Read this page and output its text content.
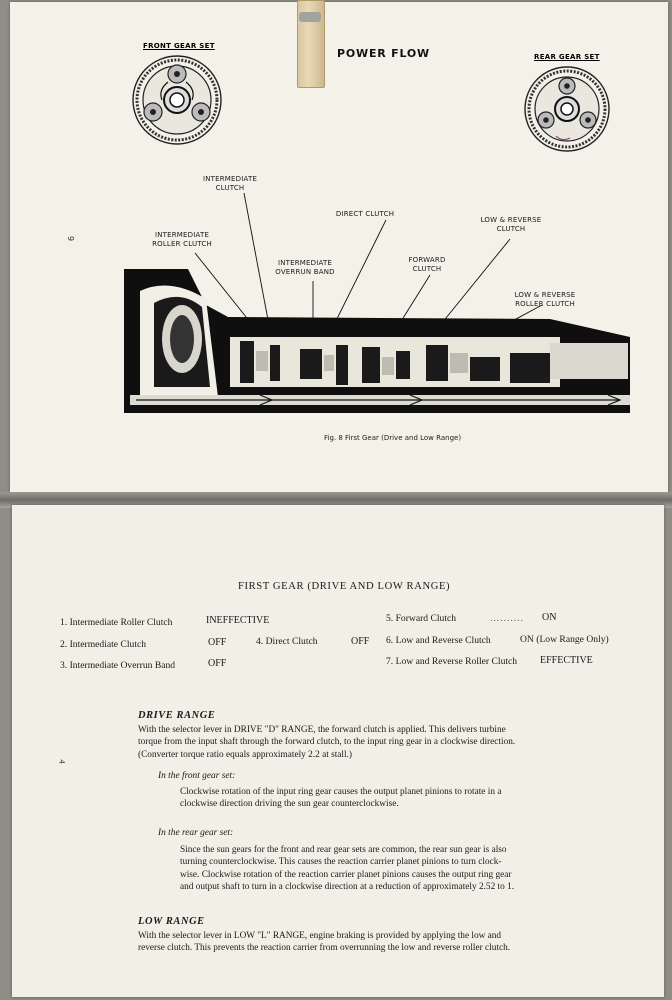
FRONT GEAR SET
POWER FLOW	REAR GEAR SET
9
INTERMEDIATE CLUTCH
DIRECT CLUTCH
LOW & REVERSE CLUTCH
INTERMEDIATE ROLLER CLUTCH
INTERMEDIATE OVERRUN BAND
FORWARD CLUTCH
LOW & REVERSE ROLLER CLUTCH
Fig. 8 First Gear (Drive and Low Range)
4
FIRST GEAR (DRIVE AND LOW RANGE)
1. Intermediate Roller Clutch	INEFFECTIVE
2. Intermediate Clutch	OFF
3. Intermediate Overrun Band	OFF
4. Direct Clutch	OFF
5. Forward Clutch	.......... ON
6. Low and Reverse Clutch	ON (Low Range Only)
7. Low and Reverse Roller Clutch EFFECTIVE
DRIVE RANGE
With the selector lever in DRIVE "D" RANGE, the forward clutch is applied. This delivers turbine
torque from the input shaft through the forward clutch, to the input ring gear in a clockwise direction.
(Converter torque ratio equals approximately 2.2 at stall.)
In the front gear set:
Clockwise rotation of the input ring gear causes the output planet pinions to rotate in a
clockwise direction driving the sun gear counterclockwise.
In the rear gear set:
Since the sun gears for the front and rear gear sets are common, the rear sun gear is also
turning counterclockwise. This causes the reaction carrier planet pinions to turn clock-
wise. Clockwise rotation of the reaction carrier planet pinions causes the output ring gear
and output shaft to turn in a clockwise direction at a reduction of approximately 2.52 to 1.
LOW RANGE
With the selector lever in LOW "L" RANGE, engine braking is provided by applying the low and
reverse clutch. This prevents the reaction carrier from overrunning the low and reverse roller clutch.
